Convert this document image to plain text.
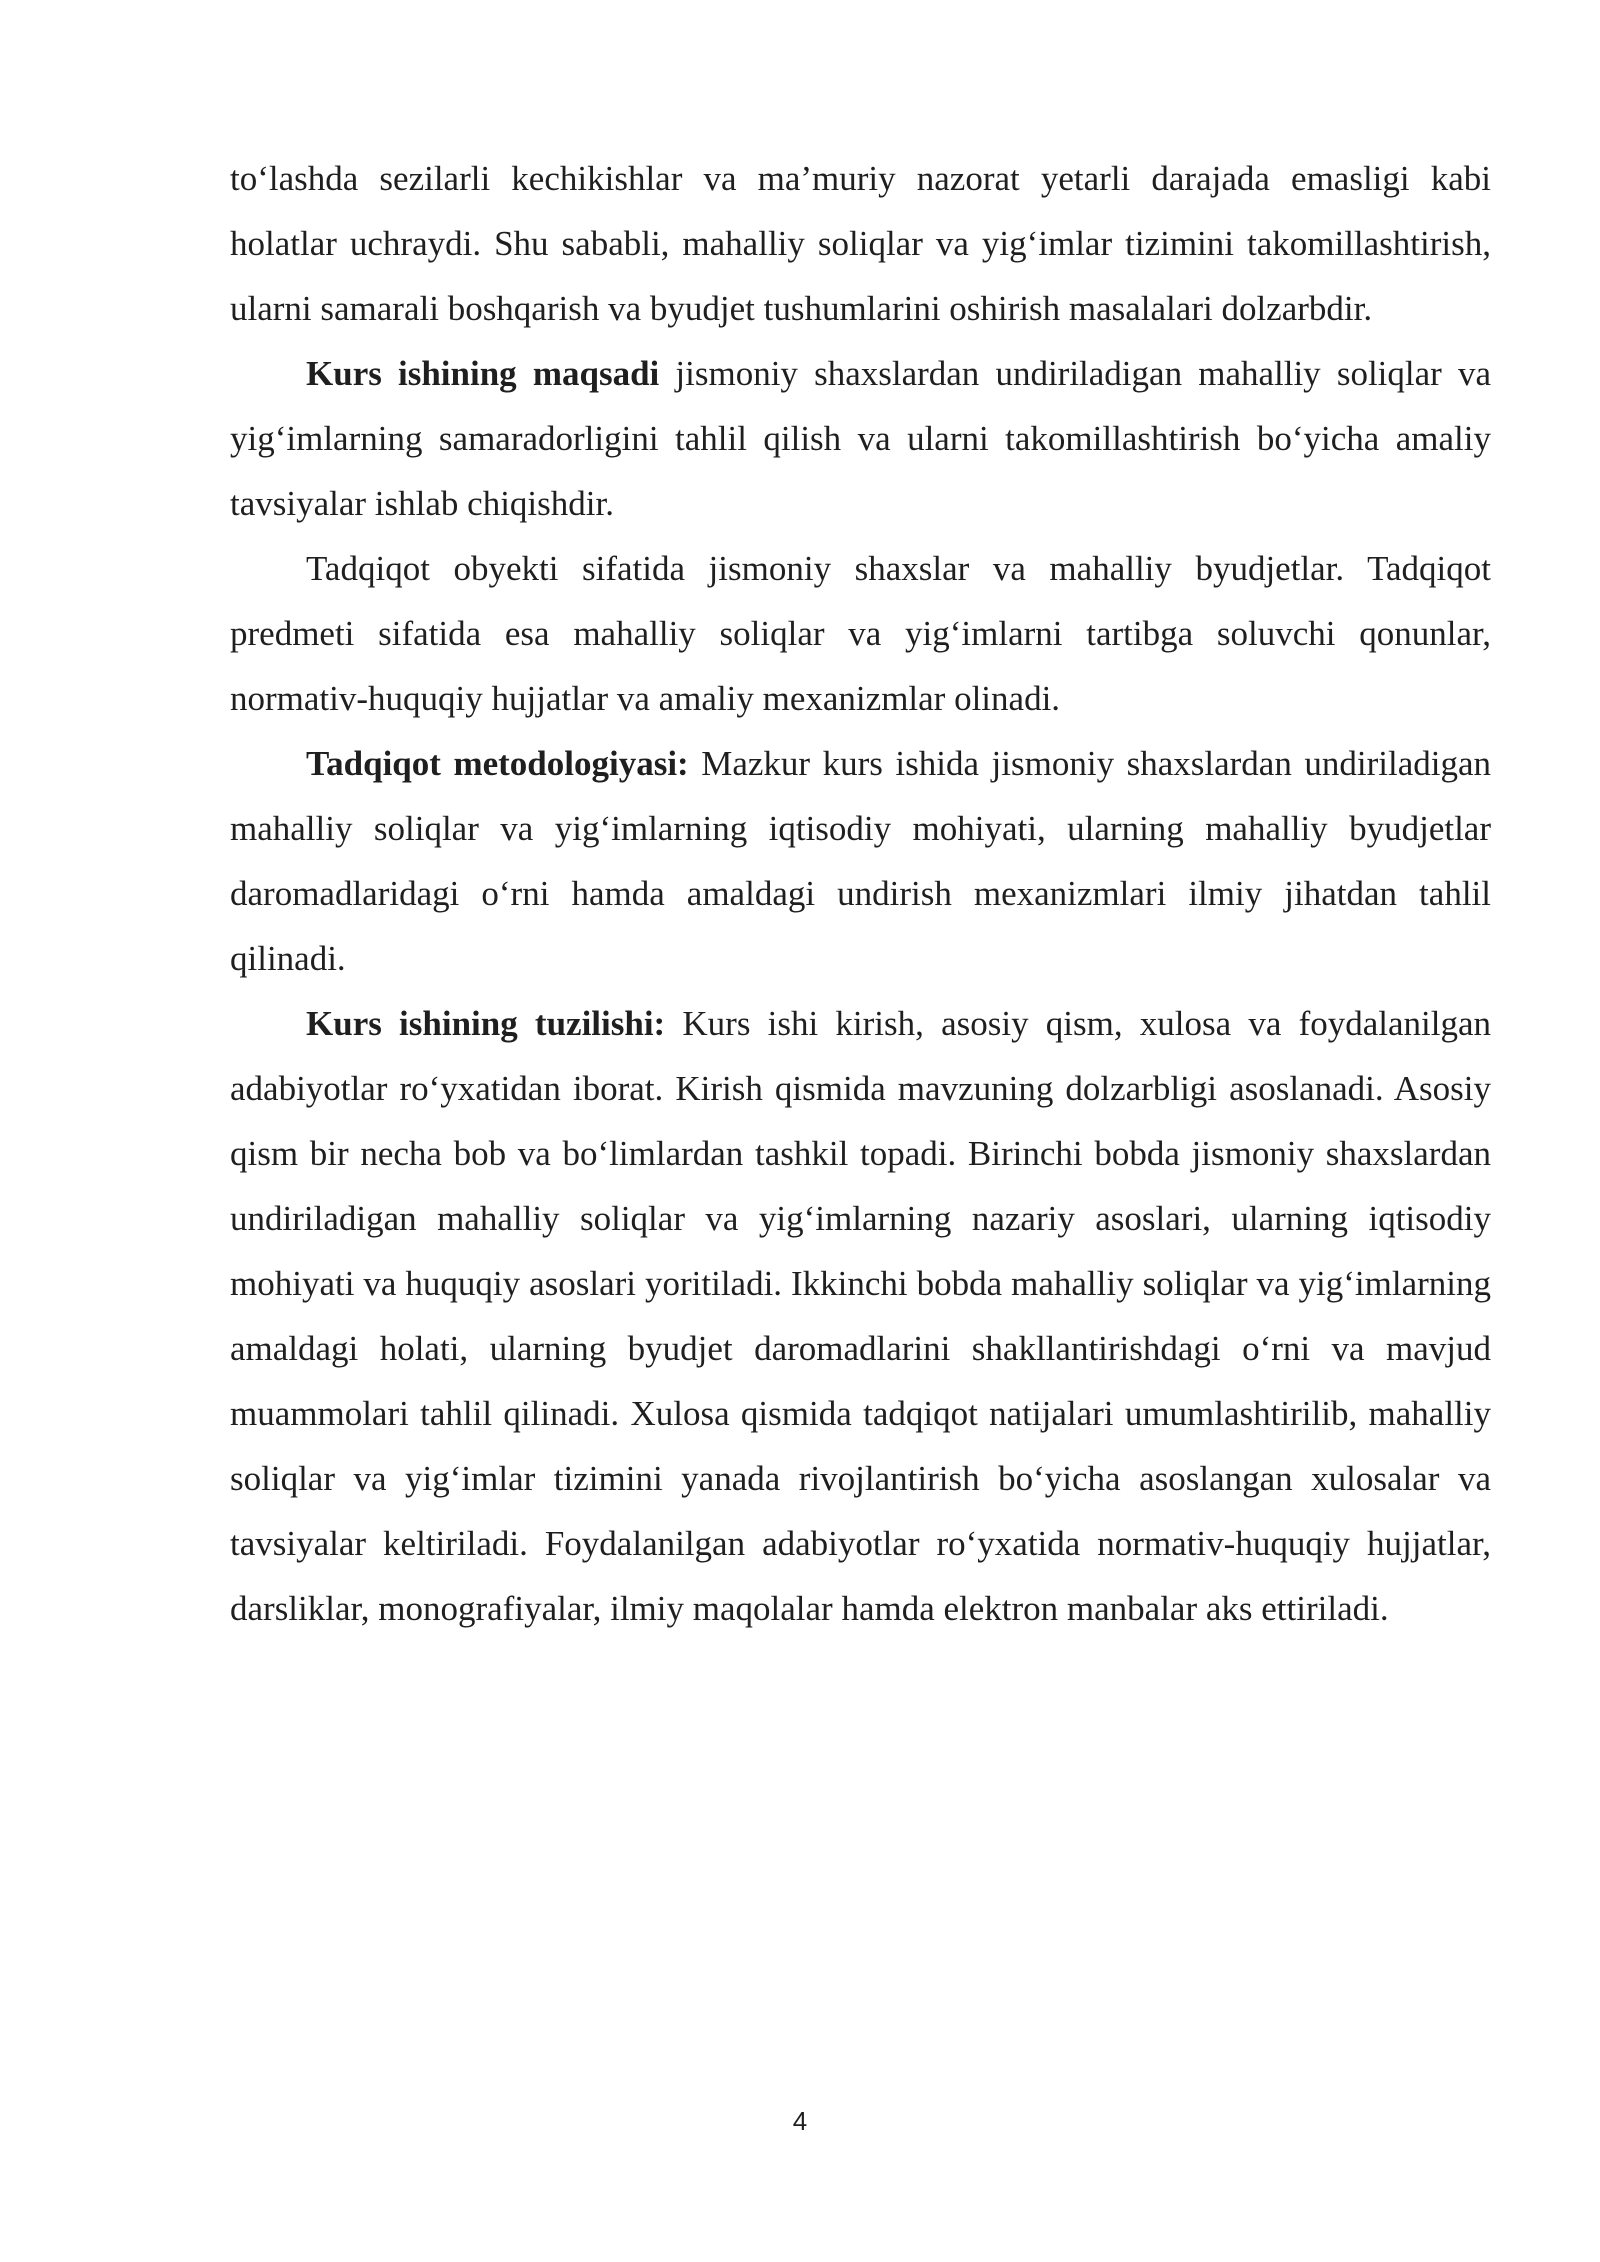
to‘lashda sezilarli kechikishlar va ma’muriy nazorat yetarli darajada emasligi kabi holatlar uchraydi. Shu sababli, mahalliy soliqlar va yig‘imlar tizimini takomillashtirish, ularni samarali boshqarish va byudjet tushumlarini oshirish masalalari dolzarbdir.

Kurs ishining maqsadi jismoniy shaxslardan undiriladigan mahalliy soliqlar va yig‘imlarning samaradorligini tahlil qilish va ularni takomillashtirish bo‘yicha amaliy tavsiyalar ishlab chiqishdir.

Tadqiqot obyekti sifatida jismoniy shaxslar va mahalliy byudjetlar. Tadqiqot predmeti sifatida esa mahalliy soliqlar va yig‘imlarni tartibga soluvchi qonunlar, normativ-huquqiy hujjatlar va amaliy mexanizmlar olinadi.

Tadqiqot metodologiyasi: Mazkur kurs ishida jismoniy shaxslardan undiriladigan mahalliy soliqlar va yig‘imlarning iqtisodiy mohiyati, ularning mahalliy byudjetlar daromadlaridagi o‘rni hamda amaldagi undirish mexanizmlari ilmiy jihatdan tahlil qilinadi.

Kurs ishining tuzilishi: Kurs ishi kirish, asosiy qism, xulosa va foydalanilgan adabiyotlar ro‘yxatidan iborat. Kirish qismida mavzuning dolzarbligi asoslanadi. Asosiy qism bir necha bob va bo‘limlardan tashkil topadi. Birinchi bobda jismoniy shaxslardan undiriladigan mahalliy soliqlar va yig‘imlarning nazariy asoslari, ularning iqtisodiy mohiyati va huquqiy asoslari yoritiladi. Ikkinchi bobda mahalliy soliqlar va yig‘imlarning amaldagi holati, ularning byudjet daromadlarini shakllantirishdagi o‘rni va mavjud muammolari tahlil qilinadi. Xulosa qismida tadqiqot natijalari umumlashtirilib, mahalliy soliqlar va yig‘imlar tizimini yanada rivojlantirish bo‘yicha asoslangan xulosalar va tavsiyalar keltiriladi. Foydalanilgan adabiyotlar ro‘yxatida normativ-huquqiy hujjatlar, darsliklar, monografiyalar, ilmiy maqolalar hamda elektron manbalar aks ettiriladi.

4
